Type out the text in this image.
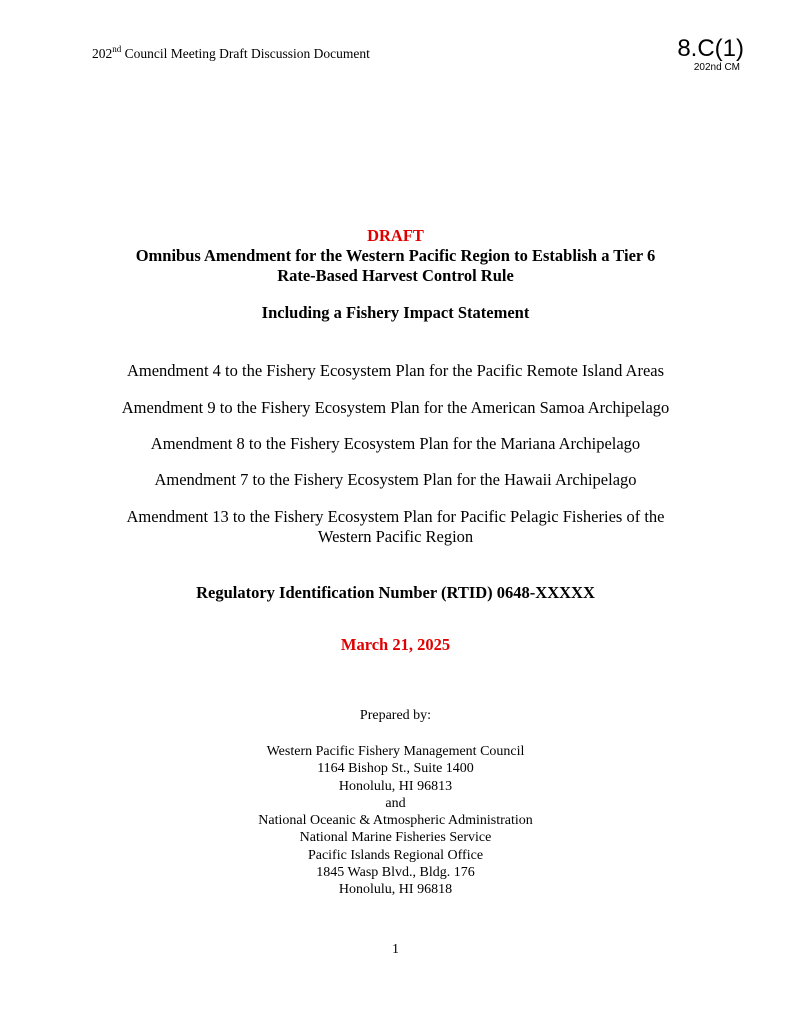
202nd Council Meeting Draft Discussion Document	8.C(1)
202nd CM
DRAFT
Omnibus Amendment for the Western Pacific Region to Establish a Tier 6
Rate-Based Harvest Control Rule
Including a Fishery Impact Statement
Amendment 4 to the Fishery Ecosystem Plan for the Pacific Remote Island Areas
Amendment 9 to the Fishery Ecosystem Plan for the American Samoa Archipelago
Amendment 8 to the Fishery Ecosystem Plan for the Mariana Archipelago
Amendment 7 to the Fishery Ecosystem Plan for the Hawaii Archipelago
Amendment 13 to the Fishery Ecosystem Plan for Pacific Pelagic Fisheries of the
Western Pacific Region
Regulatory Identification Number (RTID) 0648-XXXXX
March 21, 2025
Prepared by:
Western Pacific Fishery Management Council
1164 Bishop St., Suite 1400
Honolulu, HI 96813
and
National Oceanic & Atmospheric Administration
National Marine Fisheries Service
Pacific Islands Regional Office
1845 Wasp Blvd., Bldg. 176
Honolulu, HI 96818
1
